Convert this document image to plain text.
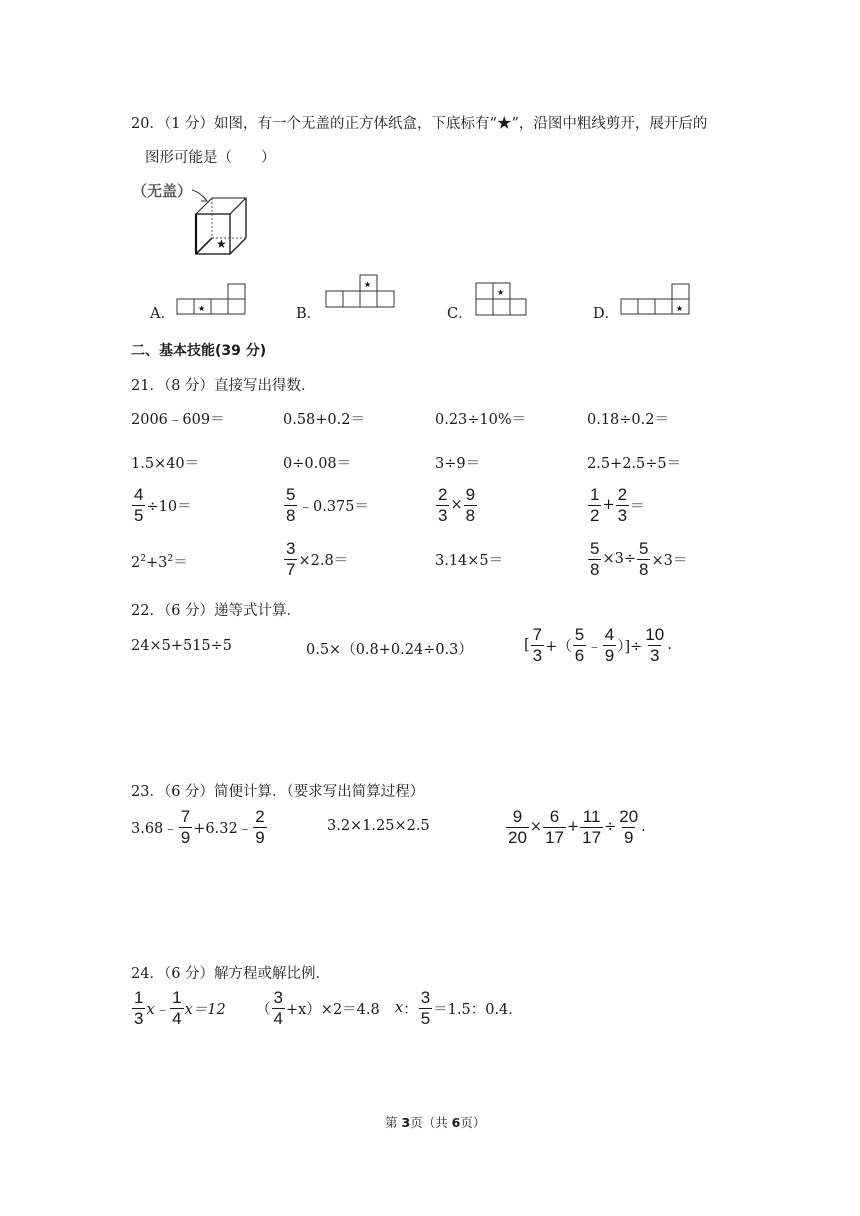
20．（1 分）如图，有一个无盖的正方体纸盒，下底标有“★”，沿图中粗线剪开，展开后的
图形可能是（　　）
（无盖）
★
A．	★	B．
★
C．
★
D．	★
二、基本技能(39 分)
21．（8 分）直接写出得数．
2006﹣609＝	0.58+0.2＝	0.23÷10%＝	0.18÷0.2＝
1.5×40＝	0÷0.08＝	3÷9＝	2.5+2.5÷5＝
$\frac{4}{5} \div 10=$	$\frac{5}{8}$ ﹣0.375＝	$\frac{2}{3} \times \frac{9}{8}$	$\frac{1}{2} + \frac{2}{3}$ ＝
$2^2+3^2=$	$\frac{3}{7} \times 2.8=$	3.14×5＝	$\frac{5}{8} \times 3\div \frac{5}{8} \times 3=$
22．（6 分）递等式计算．
24×5+515÷5	0.5×（0.8+0.24÷0.3）	[ $\frac{7}{3}$ +（ $\frac{5}{6}$ ﹣ $\frac{4}{9}$ ）]÷ $\frac{10}{3}$ .
23．（6 分）简便计算．（要求写出简算过程）
3.68﹣ $\frac{7}{9}$ +6.32﹣ $\frac{2}{9}$	3.2×1.25×2.5	$\frac{9}{20} \times \frac{6}{17} + \frac{11}{17} \div \frac{20}{9}$ .
24．（6 分）解方程或解比例．
$\frac{1}{3}$ x﹣ $\frac{1}{4} x=12$ （ $\frac{3}{4} +x)\times 2=4.8$ x ： $\frac{3}{5} =1.5$：0.4．
第 3页（共 6页）
